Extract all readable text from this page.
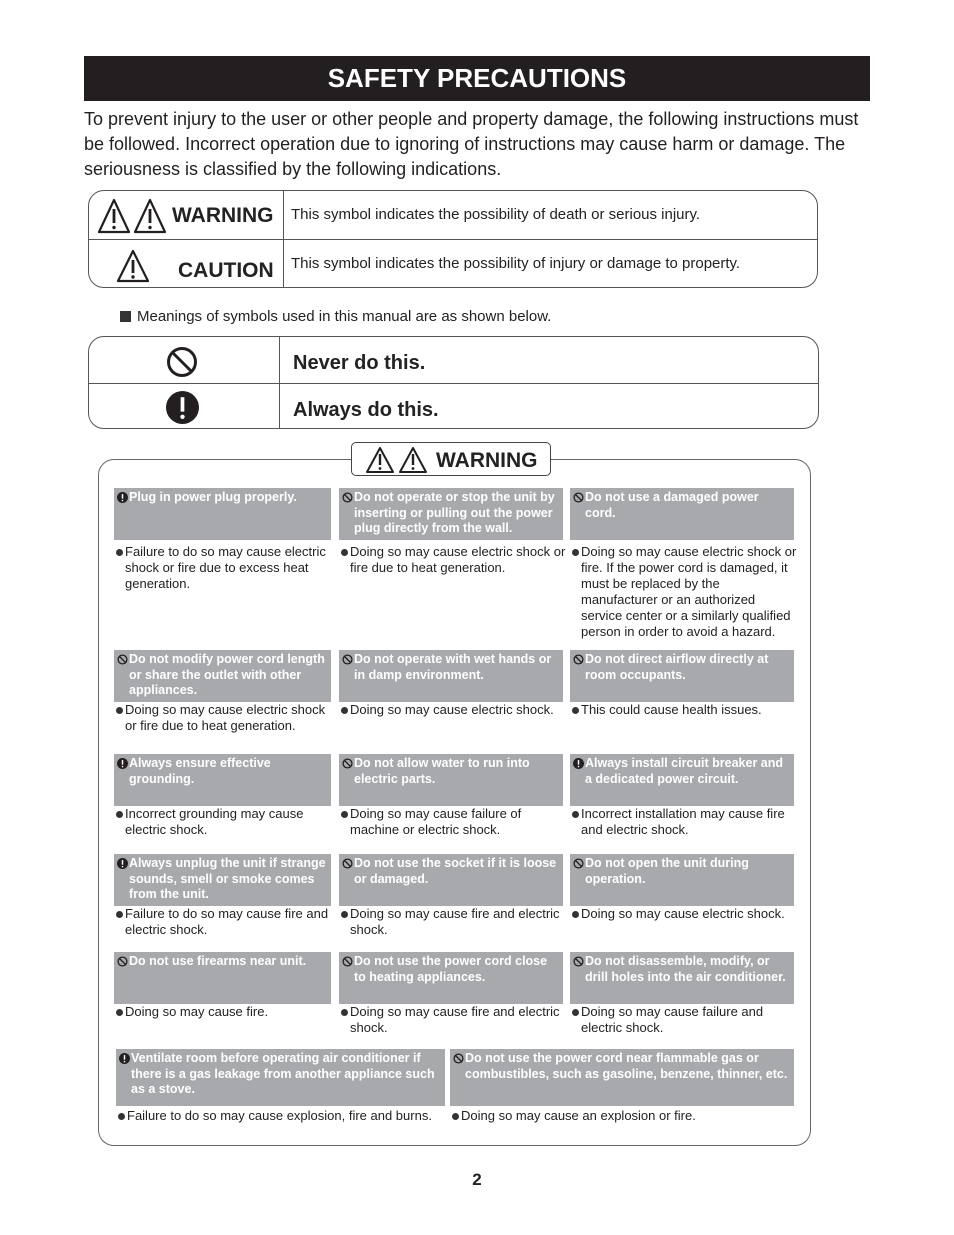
SAFETY PRECAUTIONS
To prevent injury to the user or other people and property damage, the following instructions must be followed. Incorrect operation due to ignoring of instructions may cause harm or damage. The seriousness is classified by the following indications.
WARNING This symbol indicates the possibility of death or serious injury.
CAUTION This symbol indicates the possibility of injury or damage to property.
Meanings of symbols used in this manual are as shown below.
Never do this.
Always do this.
WARNING
Plug in power plug properly.
Failure to do so may cause electric shock or fire due to excess heat generation.
Do not operate or stop the unit by inserting or pulling out the power plug directly from the wall.
Doing so may cause electric shock or fire due to heat generation.
Do not use a damaged power cord.
Doing so may cause electric shock or fire. If the power cord is damaged, it must be replaced by the manufacturer or an authorized service center or a similarly qualified person in order to avoid a hazard.
Do not modify power cord length or share the outlet with other appliances.
Doing so may cause electric shock or fire due to heat generation.
Do not operate with wet hands or in damp environment.
Doing so may cause electric shock.
Do not direct airflow directly at room occupants.
This could cause health issues.
Always ensure effective grounding.
Incorrect grounding may cause electric shock.
Do not allow water to run into electric parts.
Doing so may cause failure of machine or electric shock.
Always install circuit breaker and a dedicated power circuit.
Incorrect installation may cause fire and electric shock.
Always unplug the unit if strange sounds, smell or smoke comes from the unit.
Failure to do so may cause fire and electric shock.
Do not use the socket if it is loose or damaged.
Doing so may cause fire and electric shock.
Do not open the unit during operation.
Doing so may cause electric shock.
Do not use firearms near unit.
Doing so may cause fire.
Do not use the power cord close to heating appliances.
Doing so may cause fire and electric shock.
Do not disassemble, modify, or drill holes into the air conditioner.
Doing so may cause failure and electric shock.
Ventilate room before operating air conditioner if there is a gas leakage from another appliance such as a stove.
Failure to do so may cause explosion, fire and burns.
Do not use the power cord near flammable gas or combustibles, such as gasoline, benzene, thinner, etc.
Doing so may cause an explosion or fire.
2
